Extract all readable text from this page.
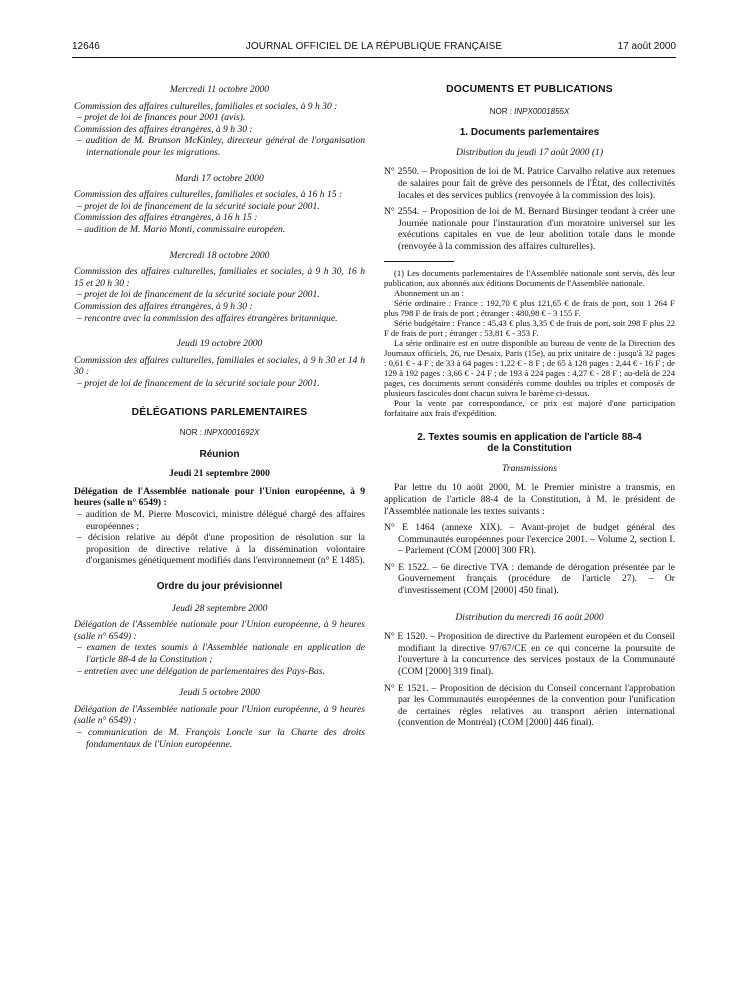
12646	JOURNAL OFFICIEL DE LA RÉPUBLIQUE FRANÇAISE	17 août 2000
Mercredi 11 octobre 2000

Commission des affaires culturelles, familiales et sociales, à 9 h 30 :

– projet de loi de finances pour 2001 (avis).

Commission des affaires étrangères, à 9 h 30 :

– audition de M. Brunson McKinley, directeur général de l'organisation internationale pour les migrations.

Mardi 17 octobre 2000

Commission des affaires culturelles, familiales et sociales, à 16 h 15 :

– projet de loi de financement de la sécurité sociale pour 2001.

Commission des affaires étrangères, à 16 h 15 :

– audition de M. Mario Monti, commissaire européen.

Mercredi 18 octobre 2000

Commission des affaires culturelles, familiales et sociales, à 9 h 30, 16 h 15 et 20 h 30 :

– projet de loi de financement de la sécurité sociale pour 2001.

Commission des affaires étrangères, à 9 h 30 :

– rencontre avec la commission des affaires étrangères britannique.

Jeudi 19 octobre 2000

Commission des affaires culturelles, familiales et sociales, à 9 h 30 et 14 h 30 :

– projet de loi de financement de la sécurité sociale pour 2001.

DÉLÉGATIONS PARLEMENTAIRES
NOR : INPX0001692X
Réunion
Jeudi 21 septembre 2000

Délégation de l'Assemblée nationale pour l'Union européenne, à 9 heures (salle n° 6549) :

– audition de M. Pierre Moscovici, ministre délégué chargé des affaires européennes ;

– décision relative au dépôt d'une proposition de résolution sur la proposition de directive relative à la dissémination volontaire d'organismes génétiquement modifiés dans l'environnement (n° E 1485).

Ordre du jour prévisionnel
Jeudi 28 septembre 2000

Délégation de l'Assemblée nationale pour l'Union européenne, à 9 heures (salle n° 6549) :

– examen de textes soumis à l'Assemblée nationale en application de l'article 88-4 de la Constitution ;

– entretien avec une délégation de parlementaires des Pays-Bas.

Jeudi 5 octobre 2000

Délégation de l'Assemblée nationale pour l'Union européenne, à 9 heures (salle n° 6549) :

– communication de M. François Loncle sur la Charte des droits fondamentaux de l'Union européenne.

DOCUMENTS ET PUBLICATIONS
NOR : INPX0001855X
1. Documents parlementaires
Distribution du jeudi 17 août 2000 (1)

N° 2550. – Proposition de loi de M. Patrice Carvalho relative aux retenues de salaires pour fait de grève des personnels de l'État, des collectivités locales et des services publics (renvoyée à la commission des lois).

N° 2554. – Proposition de loi de M. Bernard Birsinger tendant à créer une Journée nationale pour l'instauration d'un moratoire universel sur les exécutions capitales en vue de leur abolition totale dans le monde (renvoyée à la commission des affaires culturelles).

(1) Les documents parlementaires de l'Assemblée nationale sont servis, dès leur publication, aux abonnés aux éditions Documents de l'Assemblée nationale.

Abonnement un an :

Série ordinaire : France : 192,70 € plus 121,65 € de frais de port, soit 1 264 F plus 798 F de frais de port ; étranger : 480,98 € - 3 155 F.

Série budgétaire : France : 45,43 € plus 3,35 € de frais de port, soit 298 F plus 22 F de frais de port ; étranger : 53,81 € - 353 F.

La série ordinaire est en outre disponible au bureau de vente de la Direction des Journaux officiels, 26, rue Desaix, Paris (15e), au prix unitaire de : jusqu'à 32 pages : 0,61 € - 4 F ; de 33 à 64 pages : 1,22 € - 8 F ; de 65 à 128 pages : 2,44 € - 16 F ; de 129 à 192 pages : 3,66 € - 24 F ; de 193 à 224 pages : 4,27 € - 28 F ; au-delà de 224 pages, ces documents seront considérés comme doubles ou triples et composés de plusieurs fascicules dont chacun suivra le barème ci-dessus.

Pour la vente par correspondance, ce prix est majoré d'une participation forfaitaire aux frais d'expédition.

2. Textes soumis en application de l'article 88-4
de la Constitution
Transmissions

Par lettre du 10 août 2000, M. le Premier ministre a transmis, en application de l'article 88-4 de la Constitution, à M. le président de l'Assemblée nationale les textes suivants :

N° E 1464 (annexe XIX). – Avant-projet de budget général des Communautés européennes pour l'exercice 2001. – Volume 2, section I. – Parlement (COM [2000] 300 FR).

N° E 1522. – 6e directive TVA : demande de dérogation présentée par le Gouvernement français (procédure de l'article 27). – Or d'investissement (COM [2000] 450 final).

Distribution du mercredi 16 août 2000

N° E 1520. – Proposition de directive du Parlement européen et du Conseil modifiant la directive 97/67/CE en ce qui concerne la poursuite de l'ouverture à la concurrence des services postaux de la Communauté (COM [2000] 319 final).

N° E 1521. – Proposition de décision du Conseil concernant l'approbation par les Communautés européennes de la convention pour l'unification de certaines règles relatives au transport aérien international (convention de Montréal) (COM [2000] 446 final).
